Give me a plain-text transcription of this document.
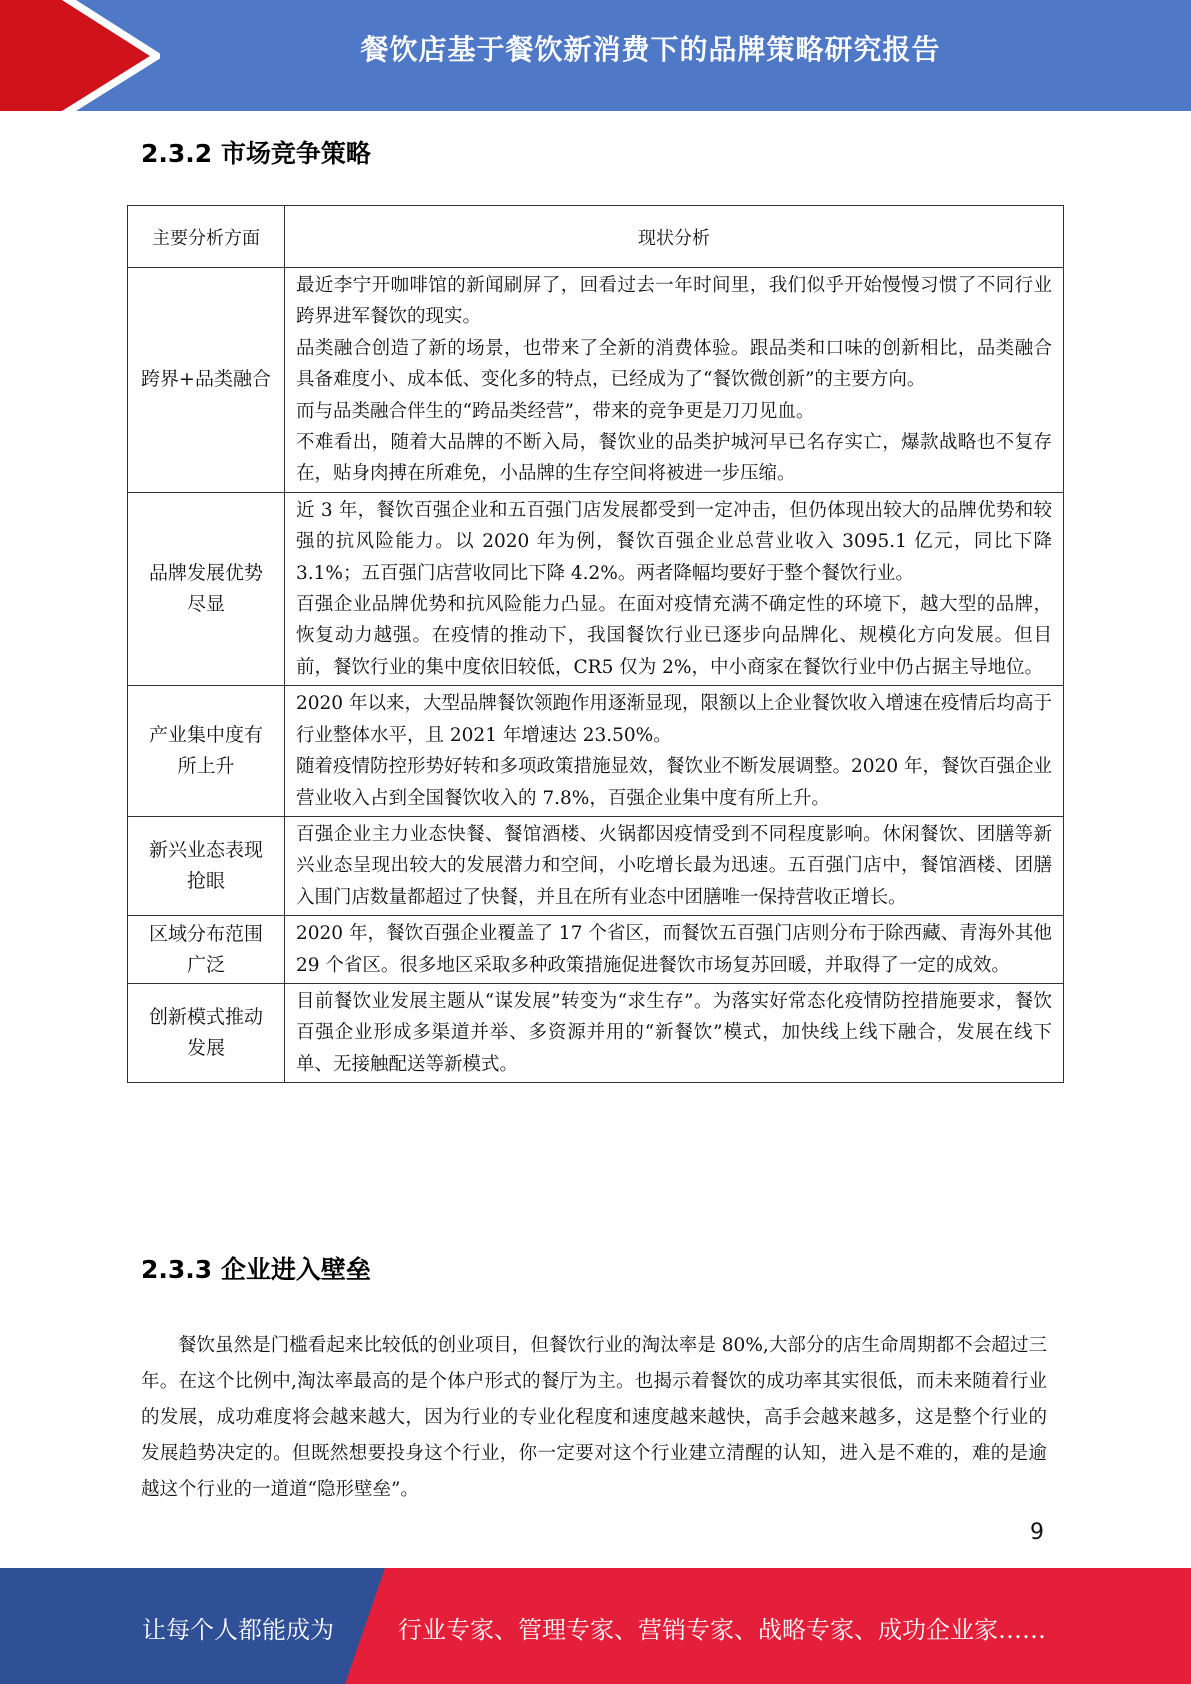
餐饮店基于餐饮新消费下的品牌策略研究报告
2.3.2 市场竞争策略
主要分析方面	现状分析
跨界+品类融合	最近李宁开咖啡馆的新闻刷屏了，回看过去一年时间里，我们似乎开始慢慢习惯了不同行业跨界进军餐饮的现实。

品类融合创造了新的场景，也带来了全新的消费体验。跟品类和口味的创新相比，品类融合具备难度小、成本低、变化多的特点，已经成为了“餐饮微创新”的主要方向。

而与品类融合伴生的“跨品类经营”，带来的竞争更是刀刀见血。

不难看出，随着大品牌的不断入局，餐饮业的品类护城河早已名存实亡，爆款战略也不复存在，贴身肉搏在所难免，小品牌的生存空间将被进一步压缩。

品牌发展优势尽显	近 3 年，餐饮百强企业和五百强门店发展都受到一定冲击，但仍体现出较大的品牌优势和较强的抗风险能力。以 2020 年为例，餐饮百强企业总营业收入 3095.1 亿元，同比下降 3.1%；五百强门店营收同比下降 4.2%。两者降幅均要好于整个餐饮行业。

百强企业品牌优势和抗风险能力凸显。在面对疫情充满不确定性的环境下，越大型的品牌，恢复动力越强。在疫情的推动下，我国餐饮行业已逐步向品牌化、规模化方向发展。但目前，餐饮行业的集中度依旧较低，CR5 仅为 2%，中小商家在餐饮行业中仍占据主导地位。

产业集中度有所上升	2020 年以来，大型品牌餐饮领跑作用逐渐显现，限额以上企业餐饮收入增速在疫情后均高于行业整体水平，且 2021 年增速达 23.50%。

随着疫情防控形势好转和多项政策措施显效，餐饮业不断发展调整。2020 年，餐饮百强企业营业收入占到全国餐饮收入的 7.8%，百强企业集中度有所上升。

新兴业态表现抢眼	百强企业主力业态快餐、餐馆酒楼、火锅都因疫情受到不同程度影响。休闲餐饮、团膳等新兴业态呈现出较大的发展潜力和空间，小吃增长最为迅速。五百强门店中，餐馆酒楼、团膳入围门店数量都超过了快餐，并且在所有业态中团膳唯一保持营收正增长。

区域分布范围广泛	2020 年，餐饮百强企业覆盖了 17 个省区，而餐饮五百强门店则分布于除西藏、青海外其他 29 个省区。很多地区采取多种政策措施促进餐饮市场复苏回暖，并取得了一定的成效。

创新模式推动发展	目前餐饮业发展主题从“谋发展”转变为“求生存”。为落实好常态化疫情防控措施要求，餐饮百强企业形成多渠道并举、多资源并用的“新餐饮”模式，加快线上线下融合，发展在线下单、无接触配送等新模式。

2.3.3 企业进入壁垒

餐饮虽然是门槛看起来比较低的创业项目，但餐饮行业的淘汰率是 80%,大部分的店生命周期都不会超过三年。在这个比例中,淘汰率最高的是个体户形式的餐厅为主。也揭示着餐饮的成功率其实很低，而未来随着行业的发展，成功难度将会越来越大，因为行业的专业化程度和速度越来越快，高手会越来越多，这是整个行业的发展趋势决定的。但既然想要投身这个行业，你一定要对这个行业建立清醒的认知，进入是不难的，难的是逾越这个行业的一道道“隐形壁垒”。

9
让每个人都能成为	行业专家、管理专家、营销专家、战略专家、成功企业家……
